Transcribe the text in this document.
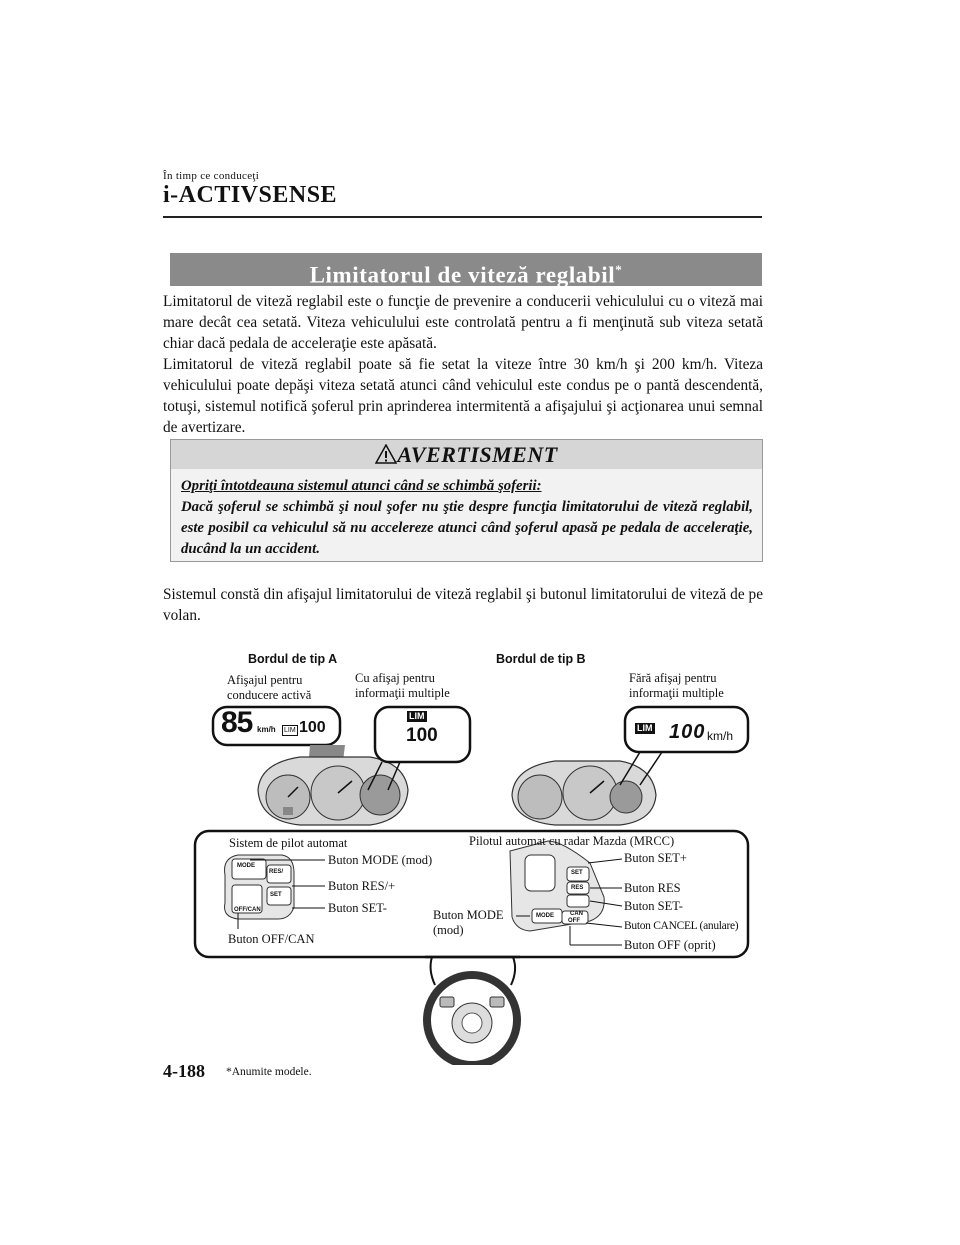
În timp ce conduceţi
i-ACTIVSENSE
Limitatorul de viteză reglabil*
Limitatorul de viteză reglabil este o funcţie de prevenire a conducerii vehiculului cu o viteză mai mare decât cea setată. Viteza vehiculului este controlată pentru a fi menţinută sub viteza setată chiar dacă pedala de acceleraţie este apăsată.
Limitatorul de viteză reglabil poate să fie setat la viteze între 30 km/h şi 200 km/h. Viteza vehiculului poate depăşi viteza setată atunci când vehiculul este condus pe o pantă descendentă, totuşi, sistemul notifică şoferul prin aprinderea intermitentă a afişajului şi acţionarea unui semnal de avertizare.
AVERTISMENT
Opriţi întotdeauna sistemul atunci când se schimbă şoferii:
Dacă şoferul se schimbă şi noul şofer nu ştie despre funcţia limitatorului de viteză reglabil, este posibil ca vehiculul să nu accelereze atunci când şoferul apasă pe pedala de acceleraţie, ducând la un accident.
Sistemul constă din afişajul limitatorului de viteză reglabil şi butonul limitatorului de viteză de pe volan.
Bordul de tip A	Bordul de tip B
Afişajul pentru
conducere activă
Cu afişaj pentru
informaţii multiple
Fără afişaj pentru
informaţii multiple
85 km/h LIM 100
LIM
100	LIM 100 km/h
Sistem de pilot automat	Pilotul automat cu radar Mazda (MRCC)
Buton MODE (mod)
Buton RES/+
Buton SET-
Buton OFF/CAN
Buton MODE
(mod)
Buton SET+
Buton RES
Buton SET-
Buton CANCEL (anulare)
Buton OFF (oprit)
MODE
OFF/CAN
RES/
SET
SET
RES
MODE	CAN
OFF
4-188 *Anumite modele.
